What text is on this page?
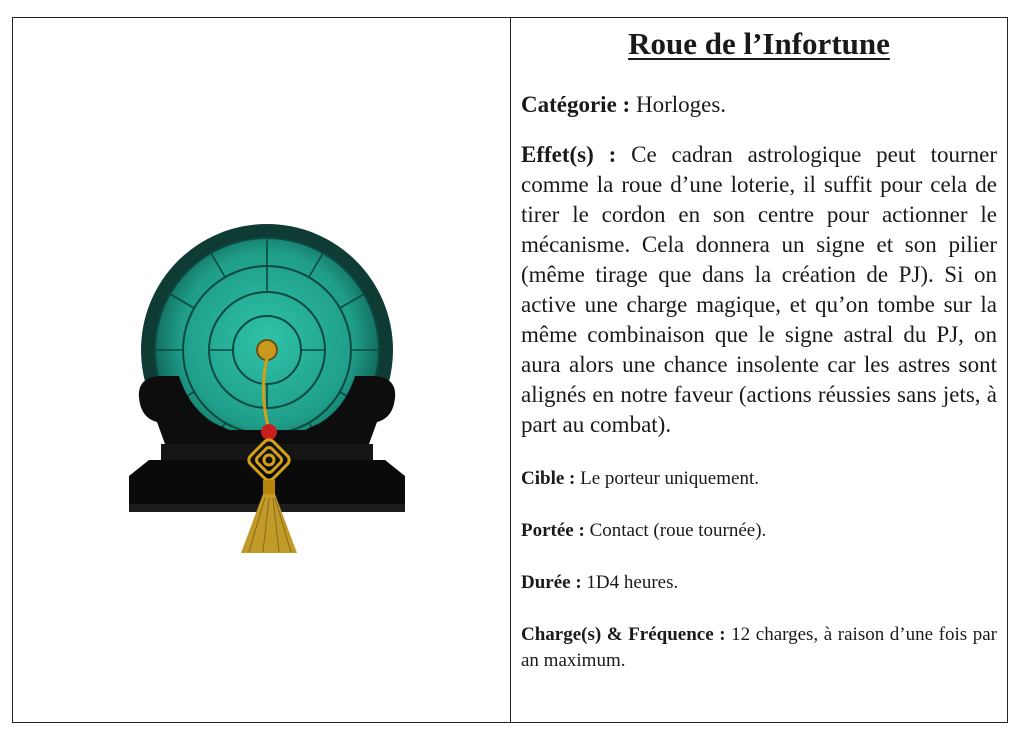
Roue de l’Infortune

Catégorie : Horloges.

Effet(s) : Ce cadran astrologique peut tourner comme la roue d’une loterie, il suffit pour cela de tirer le cordon en son centre pour actionner le mécanisme. Cela donnera un signe et son pilier (même tirage que dans la création de PJ). Si on active une charge magique, et qu’on tombe sur la même combinaison que le signe astral du PJ, on aura alors une chance insolente car les astres sont alignés en notre faveur (actions réussies sans jets, à part au combat).

Cible : Le porteur uniquement.

Portée : Contact (roue tournée).

Durée : 1D4 heures.

Charge(s) & Fréquence : 12 charges, à raison d’une fois par an maximum.
